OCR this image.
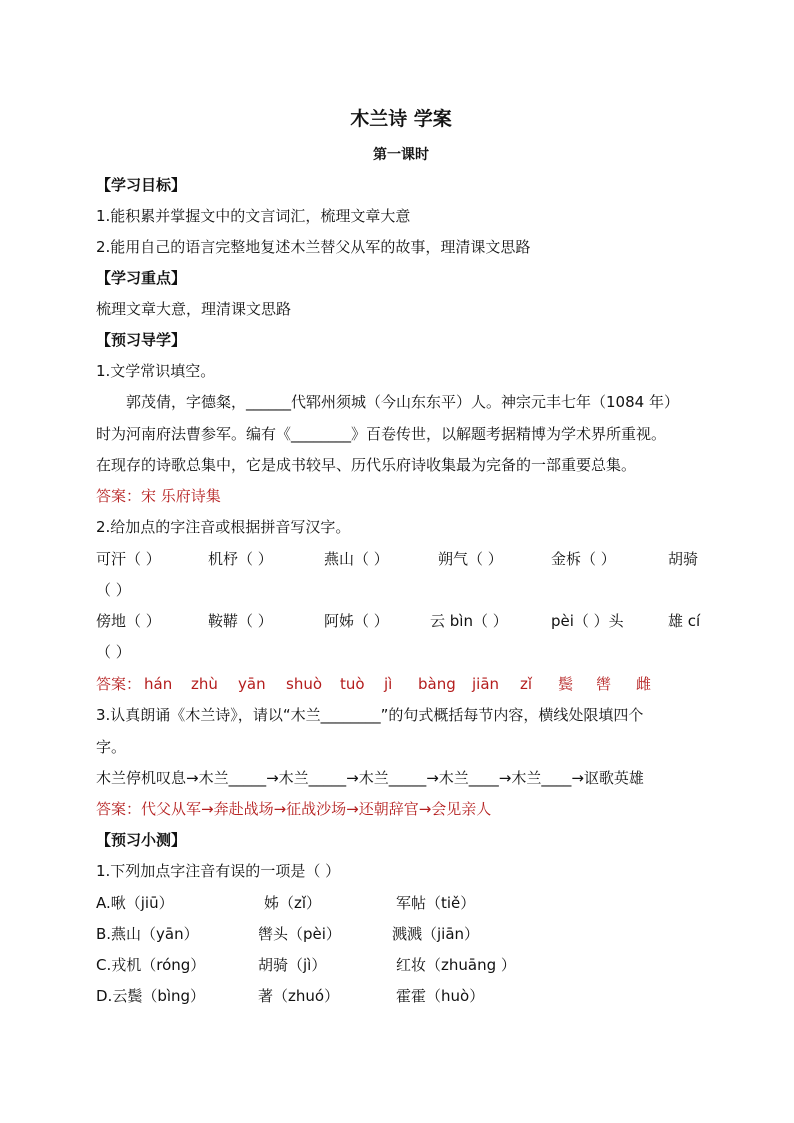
木兰诗 学案
第一课时
【学习目标】
1.能积累并掌握文中的文言词汇，梳理文章大意
2.能用自己的语言完整地复述木兰替父从军的故事，理清课文思路
【学习重点】
梳理文章大意，理清课文思路
【预习导学】
1.文学常识填空。
郭茂倩，字德粲，______代郓州须城（今山东东平）人。神宗元丰七年（1084 年）
时为河南府法曹参军。编有《________》百卷传世，以解题考据精博为学术界所重视。
在现存的诗歌总集中，它是成书较早、历代乐府诗收集最为完备的一部重要总集。
答案：宋 乐府诗集
2.给加点的字注音或根据拼音写汉字。
可汗（ ）	机杼（ ）	燕山（ ）	朔气（ ）	金柝（ ）	胡骑
（ ）
傍地（ ）	鞍鞯（ ）	阿姊（ ）	云 bìn（ ）	pèi（ ）头	雄 cí
（ ）
答案： hán zhù yān shuò tuò jì bàng jiān zǐ 鬓 辔 雌
3.认真朗诵《木兰诗》，请以“木兰________”的句式概括每节内容，横线处限填四个
字。
木兰停机叹息→木兰_____→木兰_____→木兰_____→木兰____→木兰____→讴歌英雄
答案：代父从军→奔赴战场→征战沙场→还朝辞官→会见亲人
【预习小测】
1.下列加点字注音有误的一项是（ ）
A.啾（jiū）	姊（zǐ）	军帖（tiě）
B.燕山（yān）	辔头（pèi）	溅溅（jiān）
C.戎机（róng）	胡骑（jì）	红妆（zhuāng ）
D.云鬓（bìng）	著（zhuó）	霍霍（huò）
